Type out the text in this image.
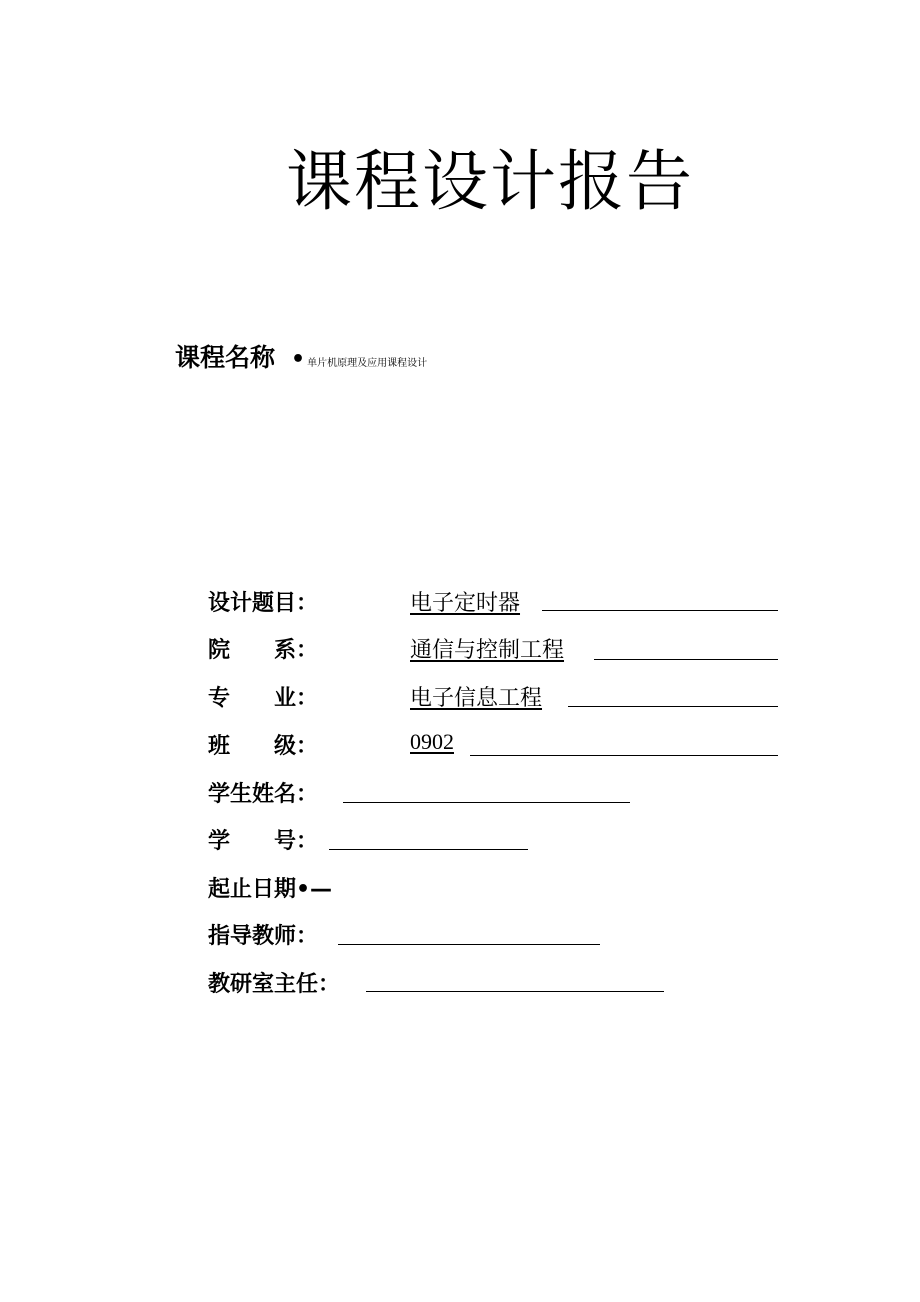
课程设计报告
课程名称 • 单片机原理及应用课程设计
设计题目：	电子定时器
院　　系：	通信与控制工程
专　　业：	电子信息工程
班　　级：	0902
学生姓名：
学　　号：
起止日期•—
指导教师：
教研室主任：
